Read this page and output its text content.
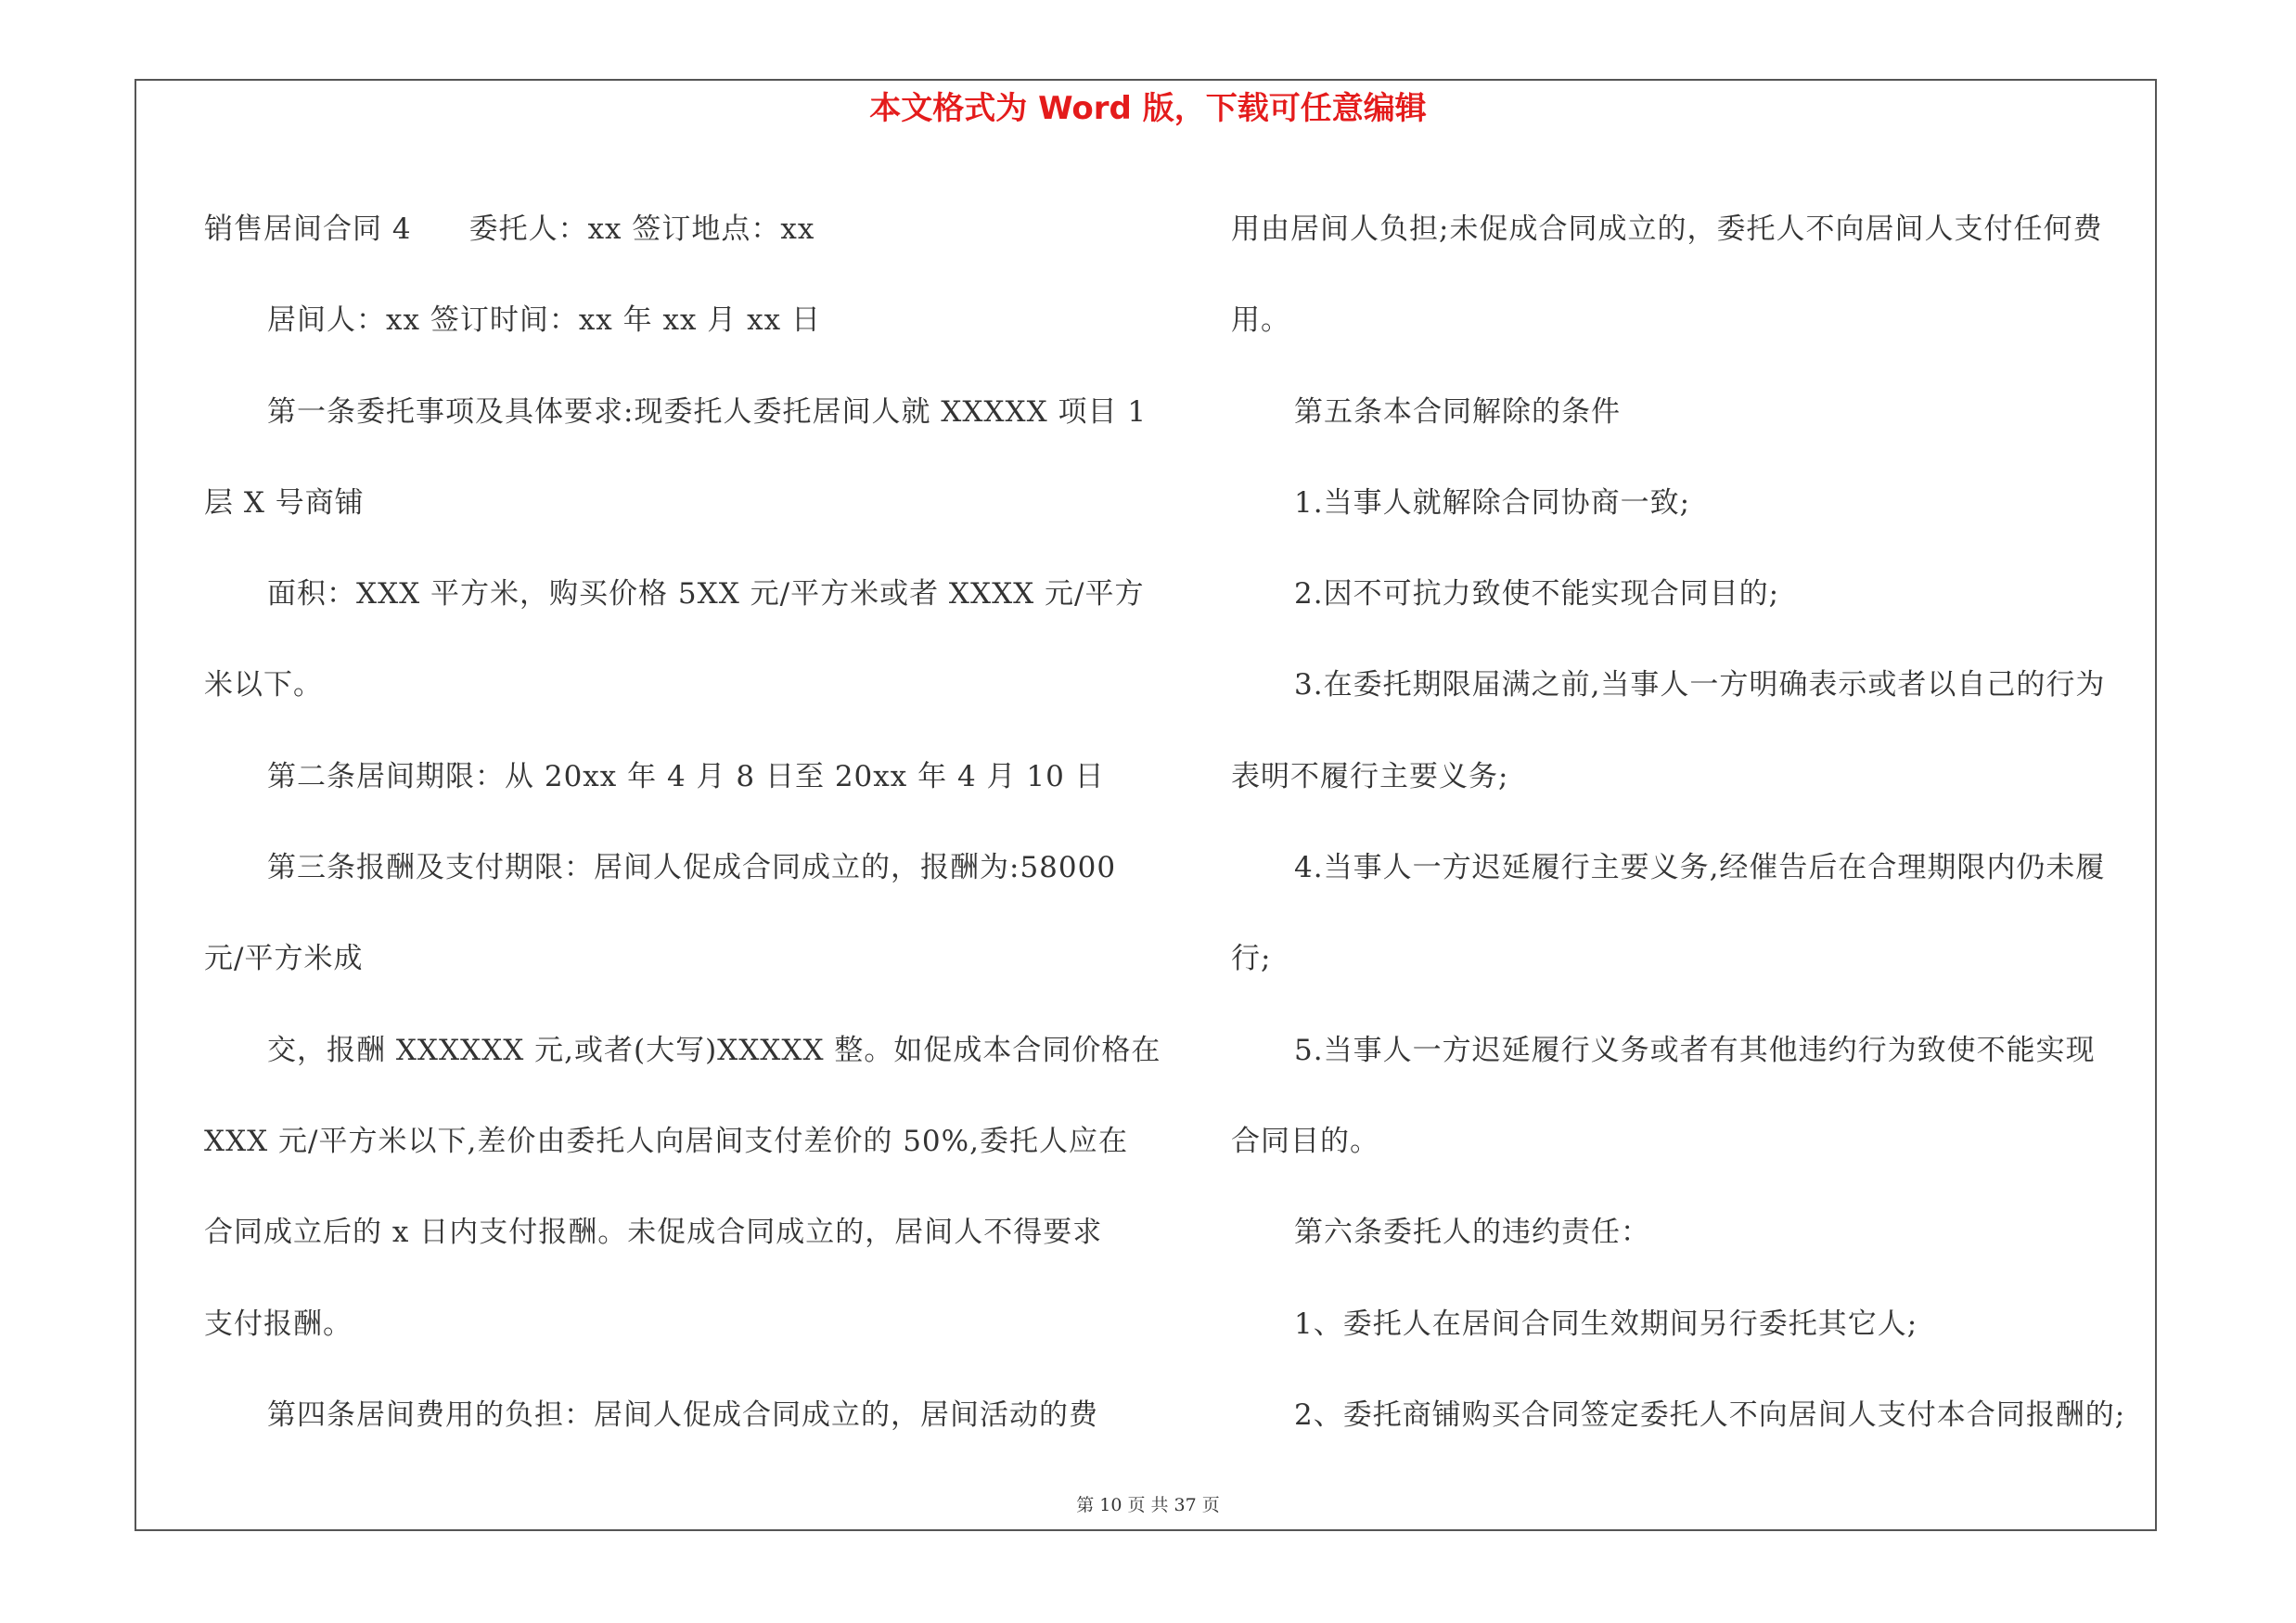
本文格式为 Word 版，下载可任意编辑
销售居间合同 4 委托人：xx 签订地点：xx
居间人：xx 签订时间：xx 年 xx 月 xx 日
第一条委托事项及具体要求:现委托人委托居间人就 XXXXX 项目 1
层 X 号商铺
面积：XXX 平方米，购买价格 5XX 元/平方米或者 XXXX 元/平方
米以下。
第二条居间期限：从 20xx 年 4 月 8 日至 20xx 年 4 月 10 日
第三条报酬及支付期限：居间人促成合同成立的，报酬为:58000
元/平方米成
交，报酬 XXXXXX 元,或者(大写)XXXXX 整。如促成本合同价格在
XXX 元/平方米以下,差价由委托人向居间支付差价的 50%,委托人应在
合同成立后的 x 日内支付报酬。未促成合同成立的，居间人不得要求
支付报酬。
第四条居间费用的负担：居间人促成合同成立的，居间活动的费
用由居间人负担;未促成合同成立的，委托人不向居间人支付任何费
用。
第五条本合同解除的条件
1.当事人就解除合同协商一致;
2.因不可抗力致使不能实现合同目的;
3.在委托期限届满之前,当事人一方明确表示或者以自己的行为
表明不履行主要义务;
4.当事人一方迟延履行主要义务,经催告后在合理期限内仍未履
行;
5.当事人一方迟延履行义务或者有其他违约行为致使不能实现
合同目的。
第六条委托人的违约责任：
1、委托人在居间合同生效期间另行委托其它人;
2、委托商铺购买合同签定委托人不向居间人支付本合同报酬的;
第 10 页 共 37 页
